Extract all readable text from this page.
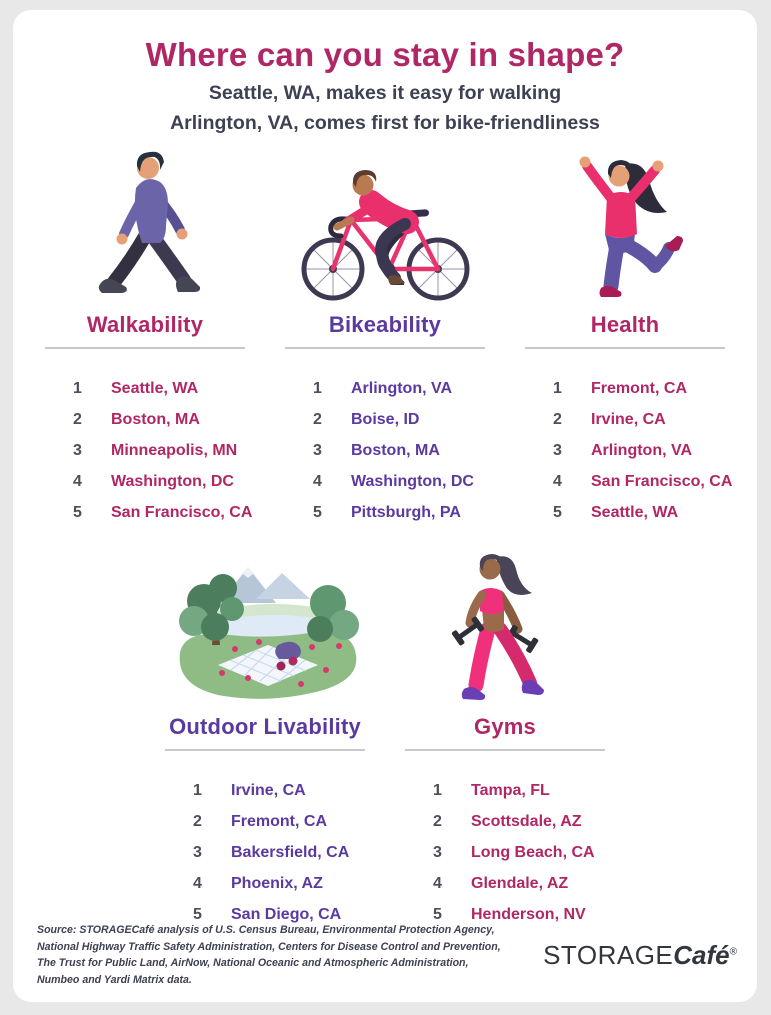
Where can you stay in shape?

Seattle, WA, makes it easy for walking

Arlington, VA, comes first for bike-friendliness

Walkability
1	Seattle, WA
2	Boston, MA
3	Minneapolis, MN
4	Washington, DC
5	San Francisco, CA
Bikeability
1	Arlington, VA
2	Boise, ID
3	Boston, MA
4	Washington, DC
5	Pittsburgh, PA
Health
1	Fremont, CA
2	Irvine, CA
3	Arlington, VA
4	San Francisco, CA
5	Seattle, WA
Outdoor Livability
1	Irvine, CA
2	Fremont, CA
3	Bakersfield, CA
4	Phoenix, AZ
5	San Diego, CA
Gyms
1	Tampa, FL
2	Scottsdale, AZ
3	Long Beach, CA
4	Glendale, AZ
5	Henderson, NV

Source: STORAGECafé analysis of U.S. Census Bureau, Environmental Protection Agency, National Highway Traffic Safety Administration, Centers for Disease Control and Prevention, The Trust for Public Land, AirNow, National Oceanic and Atmospheric Administration, Numbeo and Yardi Matrix data.

STORAGECafé®
